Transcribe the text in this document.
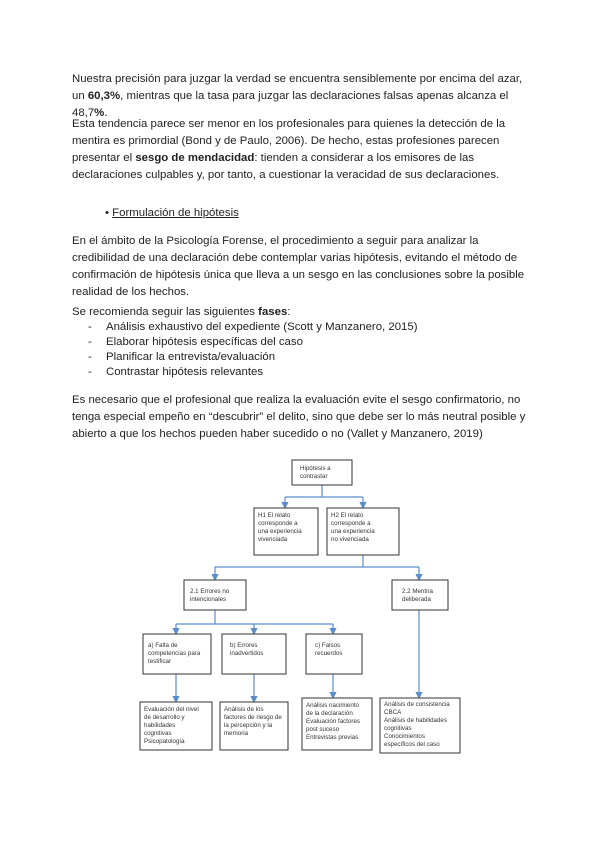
Nuestra precisión para juzgar la verdad se encuentra sensiblemente por encima del azar, un 60,3%, mientras que la tasa para juzgar las declaraciones falsas apenas alcanza el 48,7%.

Esta tendencia parece ser menor en los profesionales para quienes la detección de la mentira es primordial (Bond y de Paulo, 2006). De hecho, estas profesiones parecen presentar el sesgo de mendacidad: tienden a considerar a los emisores de las declaraciones culpables y, por tanto, a cuestionar la veracidad de sus declaraciones.

• Formulación de hipótesis

En el ámbito de la Psicología Forense, el procedimiento a seguir para analizar la credibilidad de una declaración debe contemplar varias hipótesis, evitando el método de confirmación de hipótesis única que lleva a un sesgo en las conclusiones sobre la posible realidad de los hechos.

Se recomienda seguir las siguientes fases:

- Análisis exhaustivo del expediente (Scott y Manzanero, 2015)
- Elaborar hipótesis específicas del caso
- Planificar la entrevista/evaluación
- Contrastar hipótesis relevantes

Es necesario que el profesional que realiza la evaluación evite el sesgo confirmatorio, no tenga especial empeño en “descubrir” el delito, sino que debe ser lo más neutral posible y abierto a que los hechos pueden haber sucedido o no (Vallet y Manzanero, 2019)

Hipótesis a contrastar
H1 El relato corresponde a una experiencia vivenciada
H2 El relato corresponde a una experiencia no vivenciada
2.1 Errores no intencionales
2.2 Mentira deliberada
a) Falta de competencias para testificar
b) Errores inadvertidos
c) Falsos recuerdos
Evaluación del nivel de desarrollo y habilidades cognitivas Psicopatología
Análisis de los factores de riesgo de la percepción y la memoria
Análisis nacimiento de la declaración Evaluación factores post suceso Entrevistas previas
Análisis de consistencia CBCA Análisis de habilidades cognitivas Conocimientos específicos del caso
